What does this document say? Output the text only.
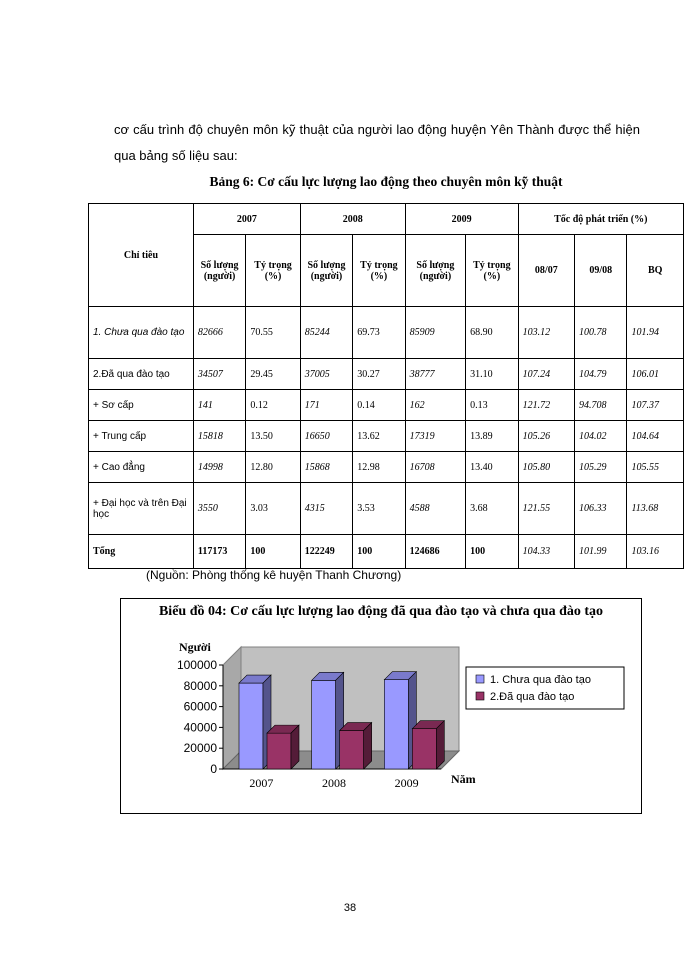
cơ cấu trình độ chuyên môn kỹ thuật của người lao động huyện Yên Thành được thể hiện qua bảng số liệu sau:
Bảng 6: Cơ cấu lực lượng lao động theo chuyên môn kỹ thuật
Chỉ tiêu	2007		2008		2009		Tốc độ phát triển (%)		
	Số lượng (người)	Tỷ trọng (%)	Số lượng (người)	Tỷ trọng (%)	Số lượng (người)	Tỷ trọng (%)	08/07	09/08	BQ
1. Chưa qua đào tạo	82666	70.55	85244	69.73	85909	68.90	103.12	100.78	101.94
2.Đã qua đào tạo	34507	29.45	37005	30.27	38777	31.10	107.24	104.79	106.01
+ Sơ cấp	141	0.12	171	0.14	162	0.13	121.72	94.708	107.37
+ Trung cấp	15818	13.50	16650	13.62	17319	13.89	105.26	104.02	104.64
+ Cao đẳng	14998	12.80	15868	12.98	16708	13.40	105.80	105.29	105.55
+ Đại học và trên Đại học	3550	3.03	4315	3.53	4588	3.68	121.55	106.33	113.68
Tổng	117173	100	122249	100	124686	100	104.33	101.99	103.16
(Nguồn: Phòng thống kê huyện Thanh Chương)
Biểu đồ 04: Cơ cấu lực lượng lao động đã qua đào tạo và chưa qua đào tạo
0
20000
40000
60000
80000
100000
Người
Năm
2007	2008	2009
1. Chưa qua đào tạo
2.Đã qua đào tạo
38
